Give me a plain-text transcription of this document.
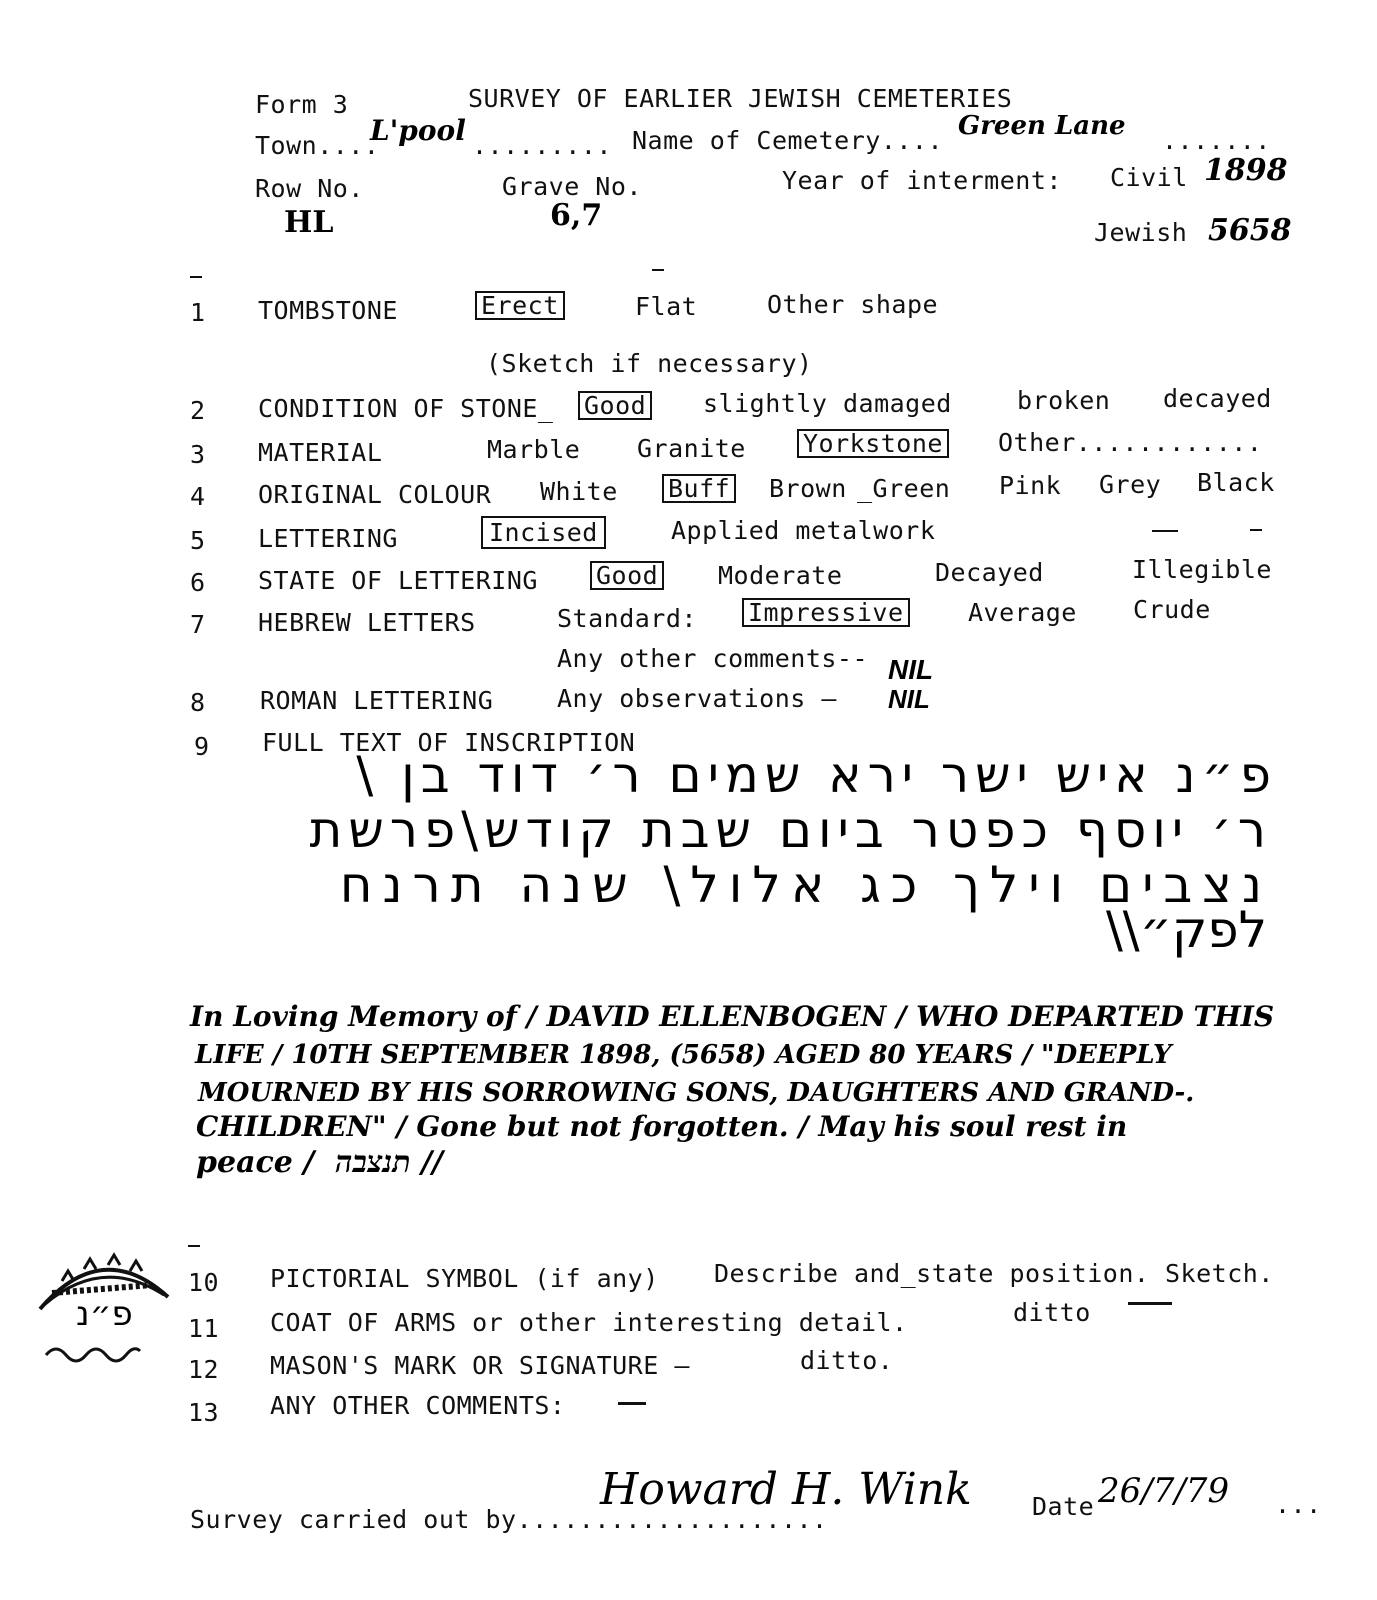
Form 3	SURVEY OF EARLIER JEWISH CEMETERIES
Town....
L'pool ......... Name of Cemetery.... Green Lane .......
Row No.	Grave No.	Year of interment: Civil 1898
HL	6,7	Jewish 5658
1	TOMBSTONE	Erect	Flat	Other shape
(Sketch if necessary)
2	CONDITION OF STONE_ Good slightly damaged	broken decayed
3	MATERIAL	Marble Granite Yorkstone Other............
4	ORIGINAL COLOUR White Buff Brown _Green Pink Grey Black
5	LETTERING	Incised	Applied metalwork
6	STATE OF LETTERING Good Moderate	Decayed	Illegible
7	HEBREW LETTERS	Standard: Impressive	Average Crude
Any other comments-- NIL
8	ROMAN LETTERING	Any observations — NIL
9	FULL TEXT OF INSCRIPTION
פ״נ איש ישר ירא שמים ר׳ דוד בן \
ר׳ יוסף כפטר ביום שבת קודש\פרשת
נצבים וילך כג אלול\ שנה תרנח
לפק״\\
In Loving Memory of / DAVID ELLENBOGEN / WHO DEPARTED THIS
LIFE / 10TH SEPTEMBER 1898, (5658) AGED 80 YEARS / "DEEPLY
MOURNED BY HIS SORROWING SONS, DAUGHTERS AND GRAND-.
CHILDREN" / Gone but not forgotten. / May his soul rest in
peace /  תנצבה //
פ״נ
10 PICTORIAL SYMBOL (if any) Describe and_state position. Sketch.
11 COAT OF ARMS or other interesting detail.	ditto
12 MASON'S MARK OR SIGNATURE —	ditto.
13 ANY OTHER COMMENTS:
Survey carried out by....................
Howard H. Wink Date 26/7/79 ...
